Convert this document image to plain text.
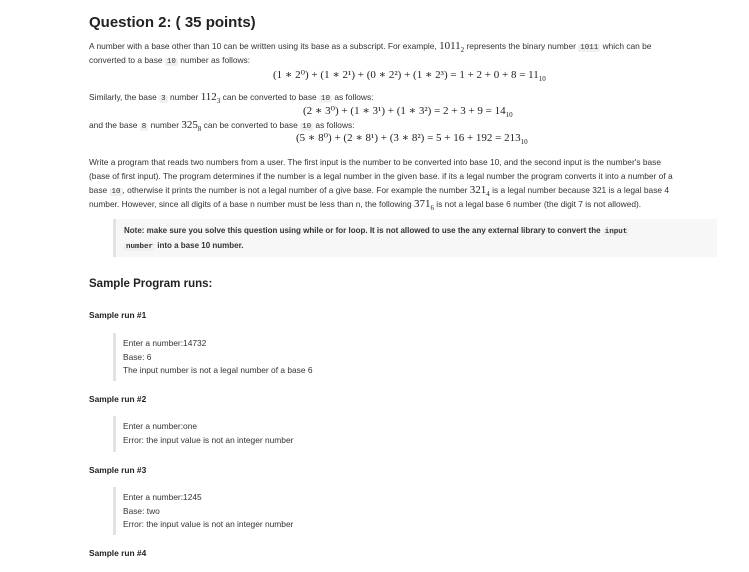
Question 2: ( 35 points)
A number with a base other than 10 can be written using its base as a subscript. For example, $1011_2$ represents the binary number 1011 which can be
converted to a base 10 number as follows:
(1 ∗ 2⁰) + (1 ∗ 2¹) + (0 ∗ 2²) + (1 ∗ $2^3) = 1 + 2 + 0 + 8 = 11_{10}$
Similarly, the base 3 number $112_3$ can be converted to base 10 as follows:
(2 ∗ 3⁰) + (1 ∗ 3¹) + (1 ∗ $3^2) = 2 + 3 + 9 = 14_{10}$
and the base 8 number $325_8$ can be converted to base 10 as follows:
(5 ∗ 8⁰) + (2 ∗ 8¹) + (3 ∗ $8^2) = 5 + 16 + 192 = 213_{10}$
Write a program that reads two numbers from a user. The first input is the number to be converted into base 10, and the second input is the number's base
(base of first input). The program determines if the number is a legal number in the given base. if its a legal number the program converts it into a number of a
base 10 , otherwise it prints the number is not a legal number of a give base. For example the number $321_4$ is a legal number because 321 is a legal base 4
number. However, since all digits of a base n number must be less than n, the following $371_6$ is not a legal base 6 number (the digit 7 is not allowed).
Note: make sure you solve this question using while or for loop. It is not allowed to use the any external library to convert the input
number into a base 10 number.
Sample Program runs:
Sample run #1
Enter a number:14732
Base: 6
The input number is not a legal number of a base 6
Sample run #2
Enter a number:one
Error: the input value is not an integer number
Sample run #3
Enter a number:1245
Base: two
Error: the input value is not an integer number
Sample run #4
